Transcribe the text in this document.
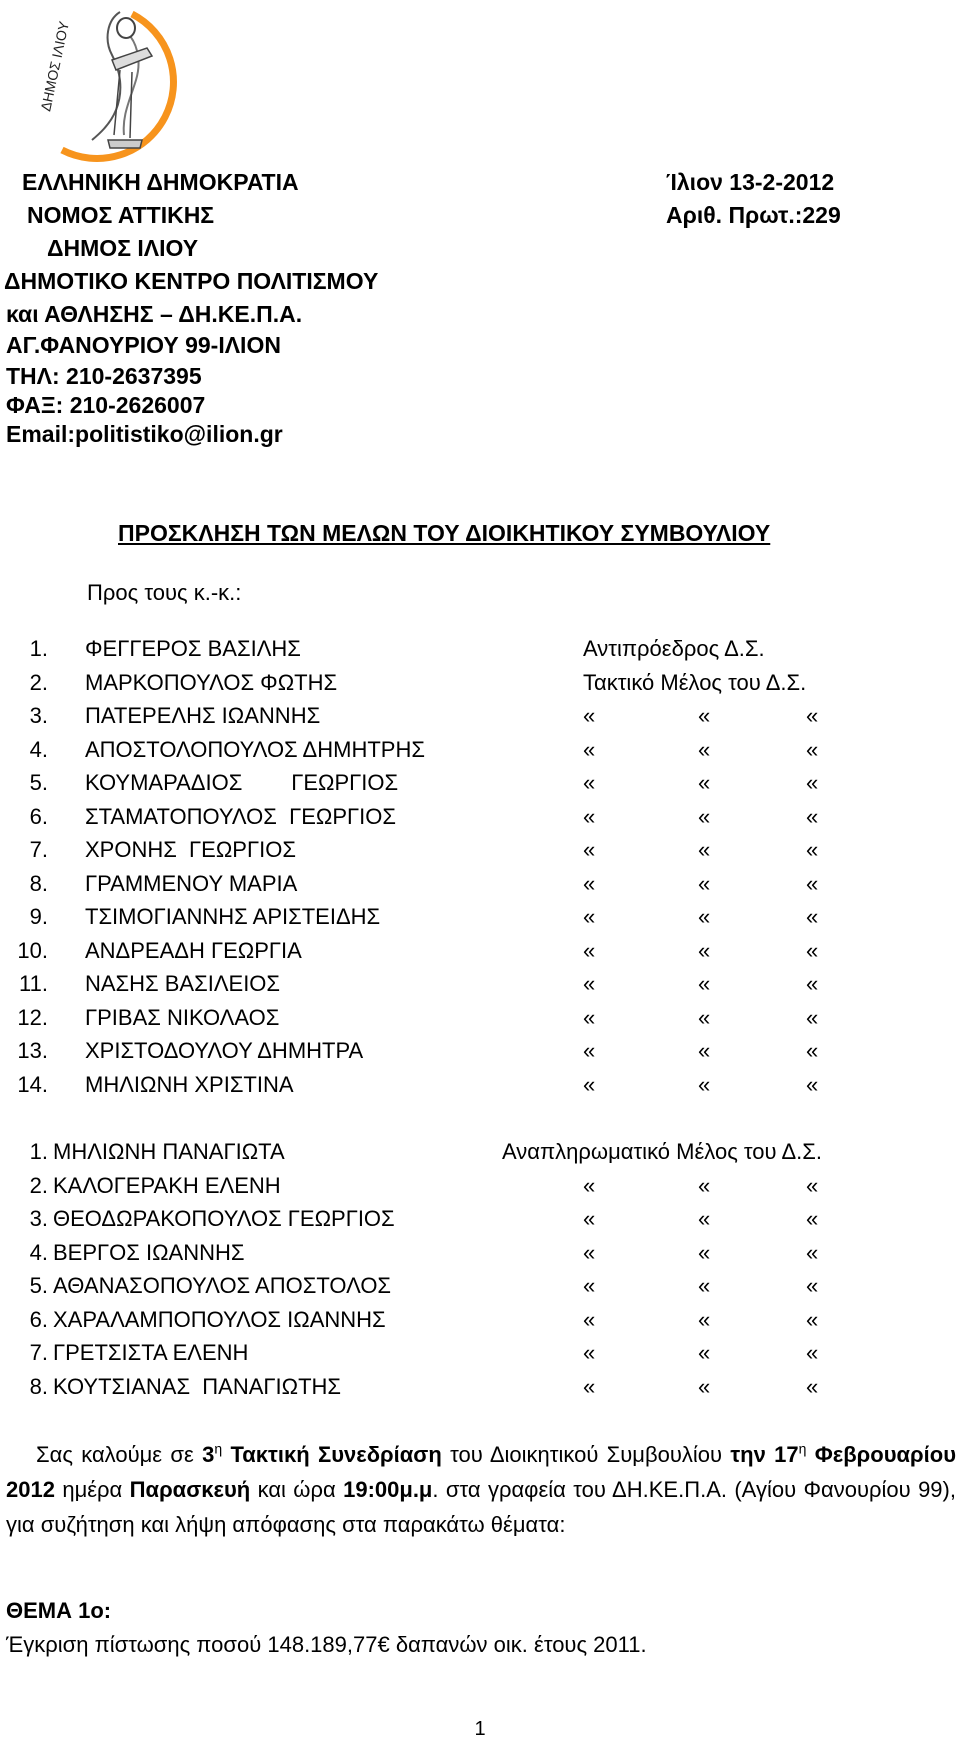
ΔΗΜΟΣ ΙΛΙΟΥ
ΕΛΛΗΝΙΚΗ ΔΗΜΟΚΡΑΤΙΑ
ΝΟΜΟΣ ΑΤΤΙΚΗΣ
ΔΗΜΟΣ ΙΛΙΟΥ
ΔΗΜΟΤΙΚΟ ΚΕΝΤΡΟ ΠΟΛΙΤΙΣΜΟΥ
και ΑΘΛΗΣΗΣ – ΔΗ.ΚΕ.Π.Α.
ΑΓ.ΦΑΝΟΥΡΙΟΥ 99-ΙΛΙΟΝ
ΤΗΛ: 210-2637395
ΦΑΞ: 210-2626007
Email:politistiko@ilion.gr
Ίλιον 13-2-2012
Αριθ. Πρωτ.:229
ΠΡΟΣΚΛΗΣΗ ΤΩΝ ΜΕΛΩΝ ΤΟΥ ΔΙΟΙΚΗΤΙΚΟΥ ΣΥΜΒΟΥΛΙΟΥ
Προς τους κ.-κ.:
1. ΦΕΓΓΕΡΟΣ ΒΑΣΙΛΗΣ	Αντιπρόεδρος Δ.Σ.
2. ΜΑΡΚΟΠΟΥΛΟΣ ΦΩΤΗΣ	Τακτικό Μέλος του Δ.Σ.
3. ΠΑΤΕΡΕΛΗΣ ΙΩΑΝΝΗΣ	«	«	«
4. ΑΠΟΣΤΟΛΟΠΟΥΛΟΣ ΔΗΜΗΤΡΗΣ	«	«	«
5. ΚΟΥΜΑΡΑΔΙΟΣ        ΓΕΩΡΓΙΟΣ	«	«	«
6. ΣΤΑΜΑΤΟΠΟΥΛΟΣ  ΓΕΩΡΓΙΟΣ	«	«	«
7. ΧΡΟΝΗΣ  ΓΕΩΡΓΙΟΣ	«	«	«
8. ΓΡΑΜΜΕΝΟΥ ΜΑΡΙΑ	«	«	«
9. ΤΣΙΜΟΓΙΑΝΝΗΣ ΑΡΙΣΤΕΙΔΗΣ	«	«	«
10. ΑΝΔΡΕΑΔΗ ΓΕΩΡΓΙΑ	«	«	«
11. ΝΑΣΗΣ ΒΑΣΙΛΕΙΟΣ	«	«	«
12. ΓΡΙΒΑΣ ΝΙΚΟΛΑΟΣ	«	«	«
13. ΧΡΙΣΤΟΔΟΥΛΟΥ ΔΗΜΗΤΡΑ	«	«	«
14. ΜΗΛΙΩΝΗ ΧΡΙΣΤΙΝΑ	«	«	«
1. ΜΗΛΙΩΝΗ ΠΑΝΑΓΙΩΤΑ	Αναπληρωματικό Μέλος του Δ.Σ.
2. ΚΑΛΟΓΕΡΑΚΗ ΕΛΕΝΗ	«	«	«
3. ΘΕΟΔΩΡΑΚΟΠΟΥΛΟΣ ΓΕΩΡΓΙΟΣ	«	«	«
4. ΒΕΡΓΟΣ ΙΩΑΝΝΗΣ	«	«	«
5. ΑΘΑΝΑΣΟΠΟΥΛΟΣ ΑΠΟΣΤΟΛΟΣ	«	«	«
6. ΧΑΡΑΛΑΜΠΟΠΟΥΛΟΣ ΙΩΑΝΝΗΣ	«	«	«
7. ΓΡΕΤΣΙΣΤΑ ΕΛΕΝΗ	«	«	«
8. ΚΟΥΤΣΙΑΝΑΣ  ΠΑΝΑΓΙΩΤΗΣ	«	«	«
Σας καλούμε σε $3^\eta$ Τακτική Συνεδρίαση του Διοικητικού Συμβουλίου την $17^\eta$ Φεβρουαρίου 2012 ημέρα Παρασκευή και ώρα 19:00μ.μ. στα γραφεία του ΔΗ.ΚΕ.Π.Α. (Αγίου Φανουρίου 99), για συζήτηση και λήψη απόφασης στα παρακάτω θέματα:
ΘΕΜΑ 1ο:
Έγκριση πίστωσης ποσού 148.189,77€ δαπανών οικ. έτους 2011.
1
